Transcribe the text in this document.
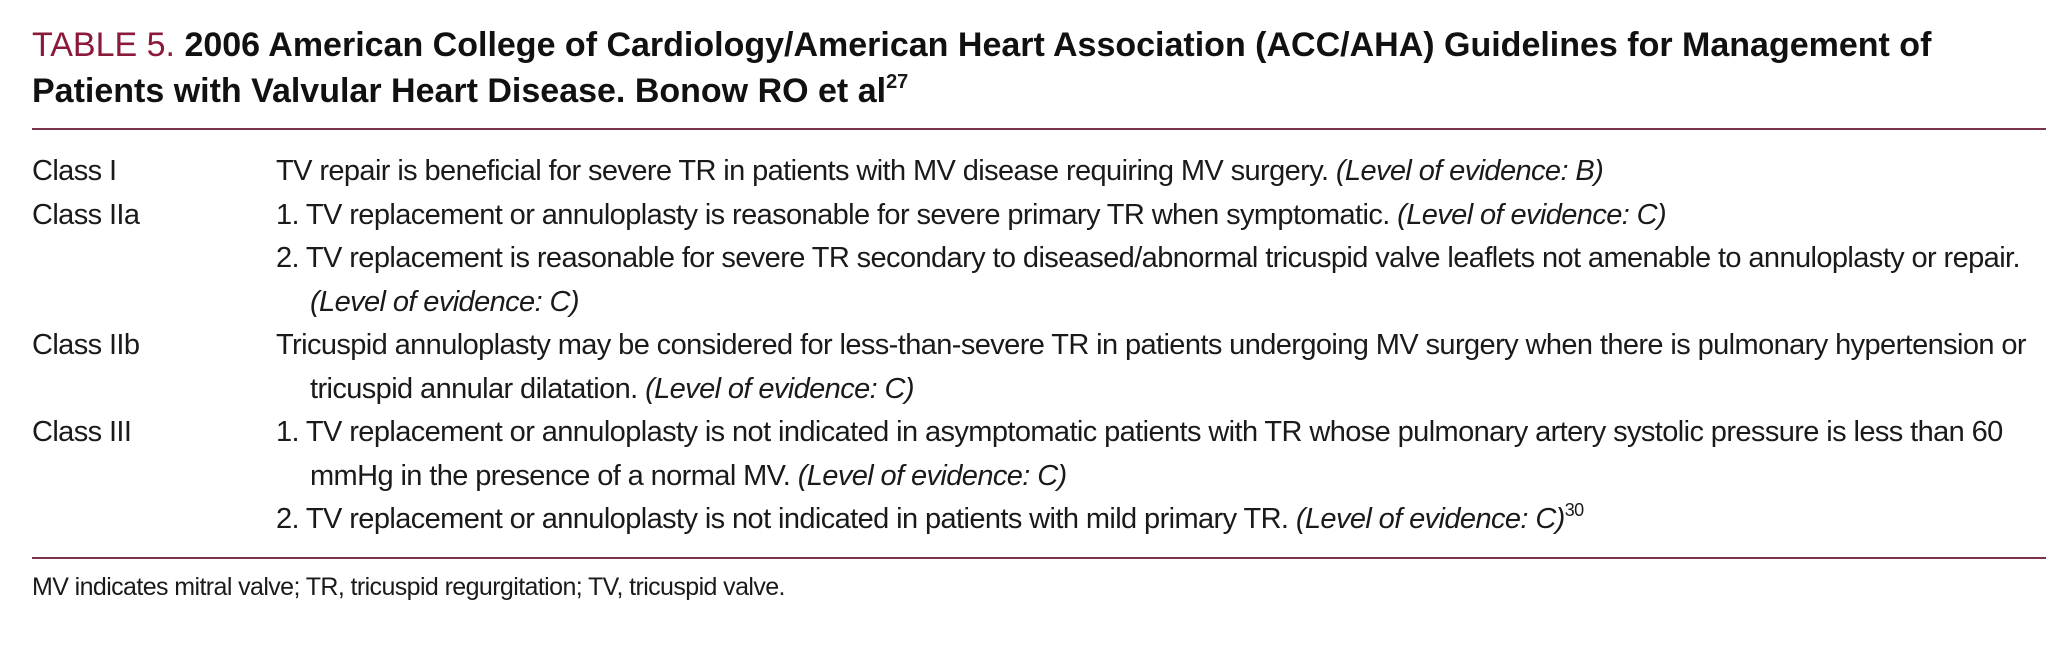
TABLE 5. 2006 American College of Cardiology/American Heart Association (ACC/AHA) Guidelines for Management of Patients with Valvular Heart Disease. Bonow RO et $al^{27}$
Class I	TV repair is beneficial for severe TR in patients with MV disease requiring MV surgery. (Level of evidence: B)
Class IIa	1. TV replacement or annuloplasty is reasonable for severe primary TR when symptomatic. (Level of evidence: C)
2. TV replacement is reasonable for severe TR secondary to diseased/abnormal tricuspid valve leaflets not amenable to annuloplasty or repair. (Level of evidence: C)
Class IIb	Tricuspid annuloplasty may be considered for less-than-severe TR in patients undergoing MV surgery when there is pulmonary hypertension or tricuspid annular dilatation. (Level of evidence: C)
Class III	1. TV replacement or annuloplasty is not indicated in asymptomatic patients with TR whose pulmonary artery systolic pressure is less than 60 mmHg in the presence of a normal MV. (Level of evidence: C)
2. TV replacement or annuloplasty is not indicated in patients with mild primary TR. (Level of evidence: C)$^{30}$
MV indicates mitral valve; TR, tricuspid regurgitation; TV, tricuspid valve.
